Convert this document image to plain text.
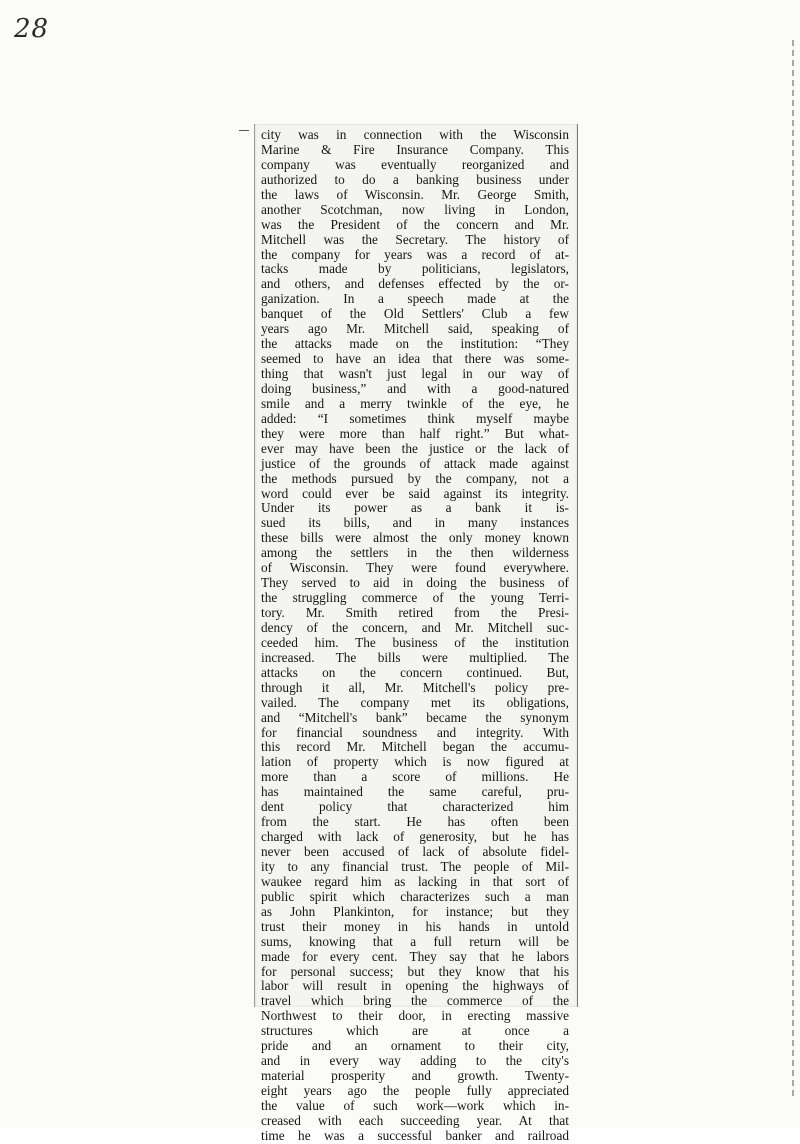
28
city was in connection with the Wisconsin
Marine & Fire Insurance Company. This
company was eventually reorganized and
authorized to do a banking business under
the laws of Wisconsin. Mr. George Smith,
another Scotchman, now living in London,
was the President of the concern and Mr.
Mitchell was the Secretary. The history of
the company for years was a record of at-
tacks made by politicians, legislators,
and others, and defenses effected by the or-
ganization. In a speech made at the
banquet of the Old Settlers' Club a few
years ago Mr. Mitchell said, speaking of
the attacks made on the institution: “They
seemed to have an idea that there was some-
thing that wasn't just legal in our way of
doing business,” and with a good-natured
smile and a merry twinkle of the eye, he
added: “I sometimes think myself maybe
they were more than half right.” But what-
ever may have been the justice or the lack of
justice of the grounds of attack made against
the methods pursued by the company, not a
word could ever be said against its integrity.
Under its power as a bank it is-
sued its bills, and in many instances
these bills were almost the only money known
among the settlers in the then wilderness
of Wisconsin. They were found everywhere.
They served to aid in doing the business of
the struggling commerce of the young Terri-
tory. Mr. Smith retired from the Presi-
dency of the concern, and Mr. Mitchell suc-
ceeded him. The business of the institution
increased. The bills were multiplied. The
attacks on the concern continued. But,
through it all, Mr. Mitchell's policy pre-
vailed. The company met its obligations,
and “Mitchell's bank” became the synonym
for financial soundness and integrity. With
this record Mr. Mitchell began the accumu-
lation of property which is now figured at
more than a score of millions. He
has maintained the same careful, pru-
dent policy that characterized him
from the start. He has often been
charged with lack of generosity, but he has
never been accused of lack of absolute fidel-
ity to any financial trust. The people of Mil-
waukee regard him as lacking in that sort of
public spirit which characterizes such a man
as John Plankinton, for instance; but they
trust their money in his hands in untold
sums, knowing that a full return will be
made for every cent. They say that he labors
for personal success; but they know that his
labor will result in opening the highways of
travel which bring the commerce of the
Northwest to their door, in erecting massive
structures which are at once a
pride and an ornament to their city,
and in every way adding to the city's
material prosperity and growth. Twenty-
eight years ago the people fully appreciated
the value of such work—work which in-
creased with each succeeding year. At that
time he was a successful banker and railroad
